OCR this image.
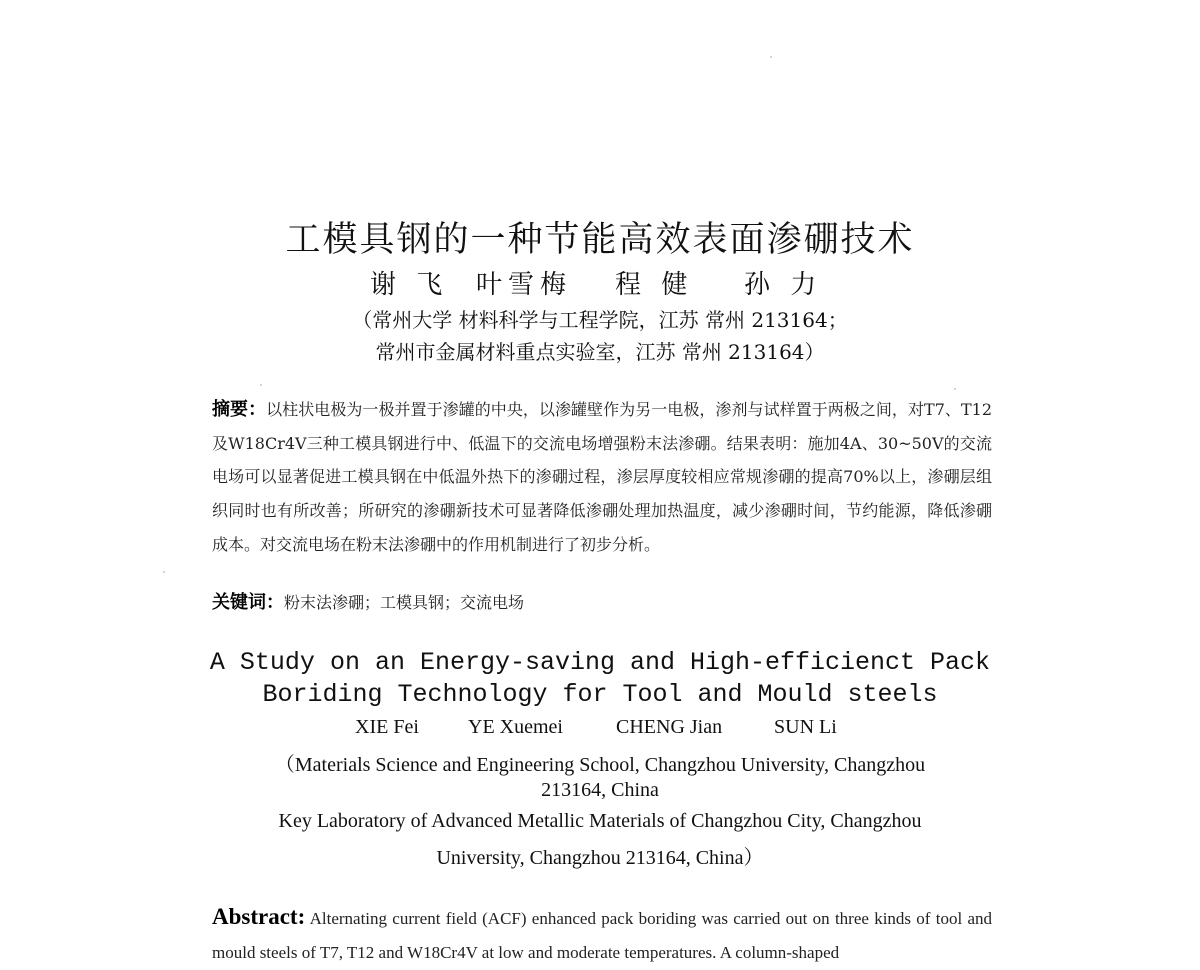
工模具钢的一种节能高效表面渗硼技术
谢 飞 叶雪梅 程 健 孙 力
（常州大学 材料科学与工程学院，江苏 常州 213164；
常州市金属材料重点实验室，江苏 常州 213164）

摘要：以柱状电极为一极并置于渗罐的中央，以渗罐壁作为另一电极，渗剂与试样置于两极之间，对T7、T12及W18Cr4V三种工模具钢进行中、低温下的交流电场增强粉末法渗硼。结果表明：施加4A、30~50V的交流电场可以显著促进工模具钢在中低温外热下的渗硼过程，渗层厚度较相应常规渗硼的提高70%以上，渗硼层组织同时也有所改善；所研究的渗硼新技术可显著降低渗硼处理加热温度，减少渗硼时间，节约能源，降低渗硼成本。对交流电场在粉末法渗硼中的作用机制进行了初步分析。

关键词：粉末法渗硼；工模具钢；交流电场
A Study on an Energy-saving and High-efficienct Pack
Boriding Technology for Tool and Mould steels
XIE Fei YE Xuemei	CHENG Jian	SUN Li
（Materials Science and Engineering School, Changzhou University, Changzhou
213164, China
Key Laboratory of Advanced Metallic Materials of Changzhou City, Changzhou
University, Changzhou 213164, China）
Abstract: Alternating current field (ACF) enhanced pack boriding was carried out on three kinds of tool and mould steels of T7, T12 and W18Cr4V at low and moderate temperatures. A column-shaped
